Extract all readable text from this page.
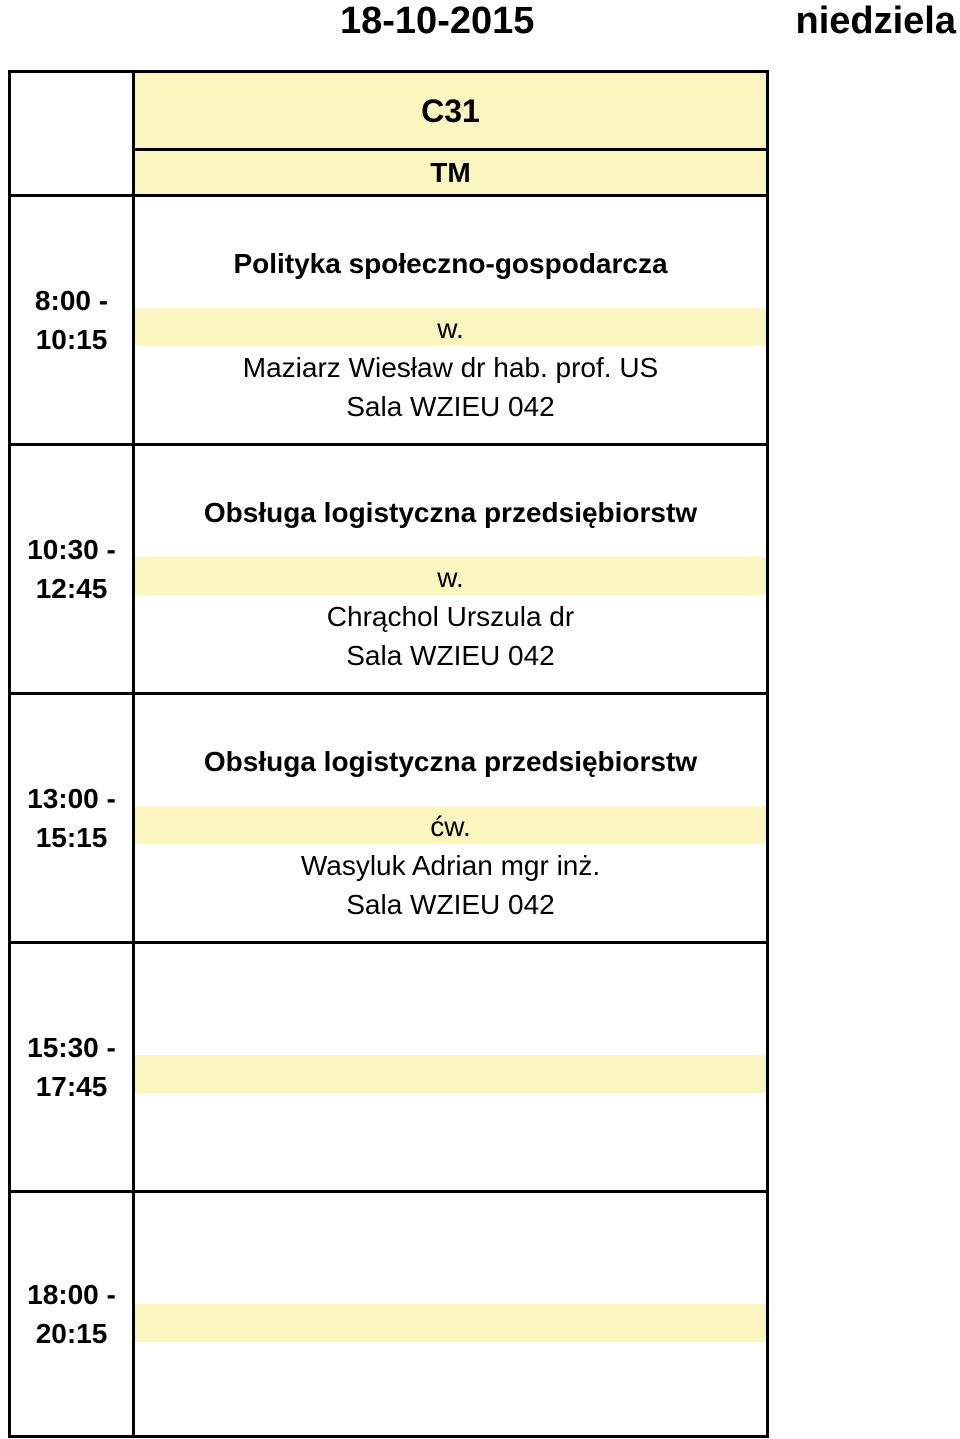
18-10-2015	niedziela
C31
TM
8:00 -
10:15
Polityka społeczno-gospodarcza
w.
Maziarz Wiesław dr hab. prof. US
Sala WZIEU 042
10:30 -
12:45
Obsługa logistyczna przedsiębiorstw
w.
Chrąchol Urszula dr
Sala WZIEU 042
13:00 -
15:15
Obsługa logistyczna przedsiębiorstw
ćw.
Wasyluk Adrian mgr inż.
Sala WZIEU 042
15:30 -
17:45
18:00 -
20:15
